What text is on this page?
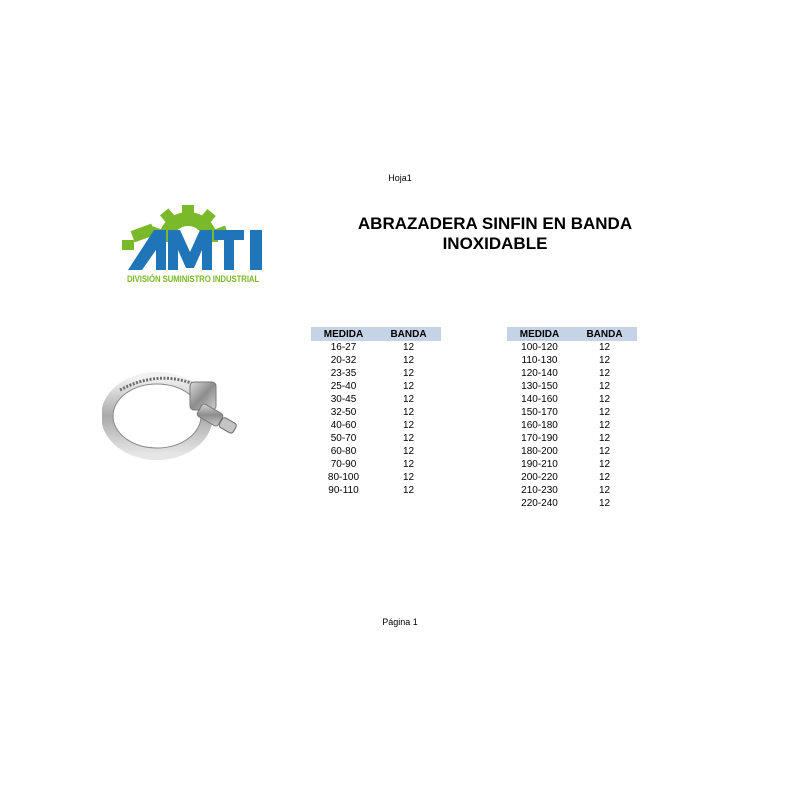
Hoja1
DIVISIÓN SUMINISTRO INDUSTRIAL
ABRAZADERA SINFIN EN BANDA
INOXIDABLE
MEDIDA	BANDA
16-27	12
20-32	12
23-35	12
25-40	12
30-45	12
32-50	12
40-60	12
50-70	12
60-80	12
70-90	12
80-100	12
90-110	12
MEDIDA	BANDA
100-120	12
110-130	12
120-140	12
130-150	12
140-160	12
150-170	12
160-180	12
170-190	12
180-200	12
190-210	12
200-220	12
210-230	12
220-240	12
Página 1
